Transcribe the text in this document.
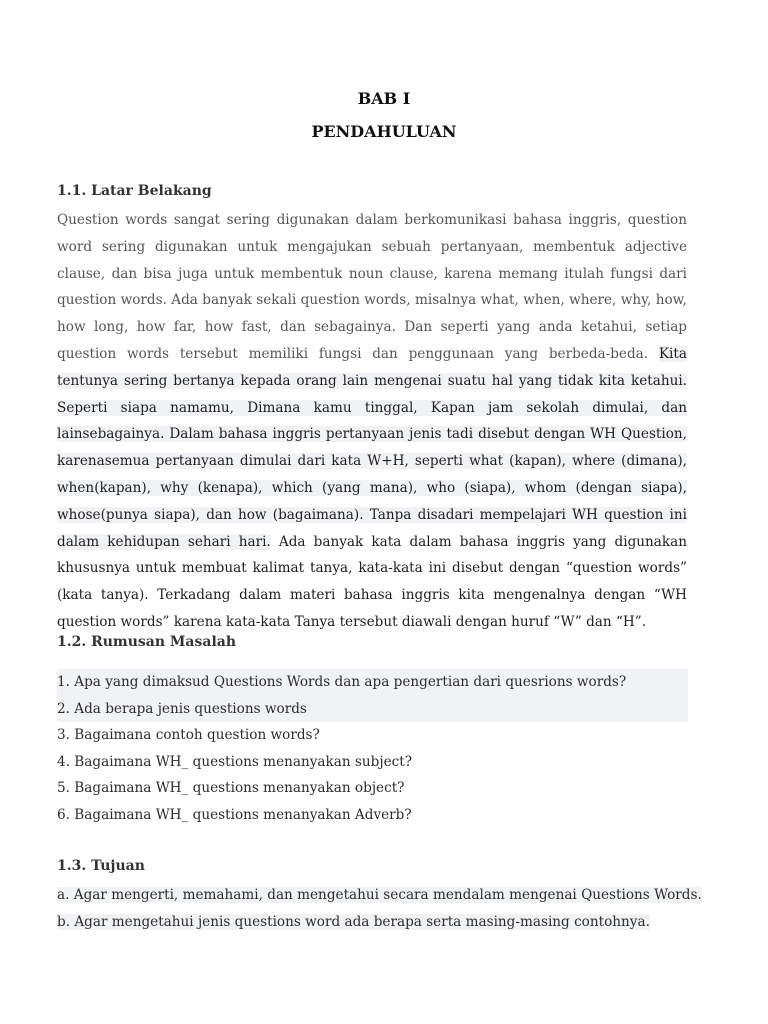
BAB I
PENDAHULUAN
1.1. Latar Belakang
Question words sangat sering digunakan dalam berkomunikasi bahasa inggris, question word sering digunakan untuk mengajukan sebuah pertanyaan, membentuk adjective clause, dan bisa juga untuk membentuk noun clause, karena memang itulah fungsi dari question words. Ada banyak sekali question words, misalnya what, when, where, why, how, how long, how far, how fast, dan sebagainya. Dan seperti yang anda ketahui, setiap question words tersebut memiliki fungsi dan penggunaan yang berbeda-beda. Kita tentunya sering bertanya kepada orang lain mengenai suatu hal yang tidak kita ketahui. Seperti siapa namamu, Dimana kamu tinggal, Kapan jam sekolah dimulai, dan lainsebagainya. Dalam bahasa inggris pertanyaan jenis tadi disebut dengan WH Question, karenasemua pertanyaan dimulai dari kata W+H, seperti what (kapan), where (dimana), when(kapan), why (kenapa), which (yang mana), who (siapa), whom (dengan siapa), whose(punya siapa), dan how (bagaimana). Tanpa disadari mempelajari WH question ini dalam kehidupan sehari hari. Ada banyak kata dalam bahasa inggris yang digunakan khususnya untuk membuat kalimat tanya, kata-kata ini disebut dengan “question words” (kata tanya). Terkadang dalam materi bahasa inggris kita mengenalnya dengan “WH question words” karena kata-kata Tanya tersebut diawali dengan huruf “W” dan “H”.
1.2. Rumusan Masalah
1. Apa yang dimaksud Questions Words dan apa pengertian dari quesrions words?
2. Ada berapa jenis questions words
3. Bagaimana contoh question words?
4. Bagaimana WH_ questions menanyakan subject?
5. Bagaimana WH_ questions menanyakan object?
6. Bagaimana WH_ questions menanyakan Adverb?
1.3. Tujuan
a. Agar mengerti, memahami, dan mengetahui secara mendalam mengenai Questions Words.
b. Agar mengetahui jenis questions word ada berapa serta masing-masing contohnya.
